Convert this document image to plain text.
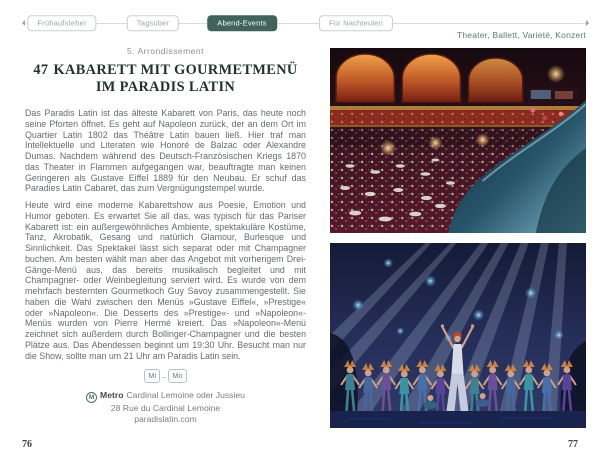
Frühaufsteher	Tagsüber	Abend-Events	Für Nachteulen
Theater, Ballett, Varieté, Konzert

5. Arrondissement

47 KABARETT MIT GOURMETMENÜ
IM PARADIS LATIN

Das Paradis Latin ist das älteste Kabarett von Paris, das heute noch seine Pforten öffnet. Es geht auf Napoleon zurück, der an dem Ort im Quartier Latin 1802 das Théâtre Latin bauen ließ. Hier traf man Intellektuelle und Literaten wie Honoré de Balzac oder Alexandre Dumas. Nachdem während des Deutsch-Französischen Kriegs 1870 das Theater in Flammen aufgegangen war, beauftragte man keinen Geringeren als Gustave Eiffel 1889 für den Neubau. Er schuf das Paradies Latin Cabaret, das zum Vergnügungstempel wurde.

Heute wird eine moderne Kabarettshow aus Poesie, Emotion und Humor geboten. Es erwartet Sie all das, was typisch für das Pariser Kabarett ist: ein außergewöhnliches Ambiente, spektakuläre Kostüme, Tanz, Akrobatik, Gesang und natürlich Glamour, Burlesque und Sinnlichkeit. Das Spektakel lässt sich separat oder mit Champagner buchen. Am besten wählt man aber das Angebot mit vorherigem Drei-Gänge-Menü aus, das bereits musikalisch begleitet und mit Champagner- oder Weinbegleitung serviert wird. Es wurde von dem mehrfach besternten Gourmetkoch Guy Savoy zusammengestellt. Sie haben die Wahl zwischen den Menüs »Gustave Eiffel«, »Prestige« oder »Napoleon«. Die Desserts des »Prestige«- und »Napoleon«-Menüs wurden von Pierre Hermé kreiert. Das »Napoleon«-Menü zeichnet sich außerdem durch Bollinger-Champagner und die besten Plätze aus. Das Abendessen beginnt um 19:30 Uhr. Besucht man nur die Show, sollte man um 21 Uhr am Paradis Latin sein.

Mi – Mo
M Metro Cardinal Lemoine oder Jussieu
28 Rue du Cardinal Lemoine
paradislatin.com
76	77
